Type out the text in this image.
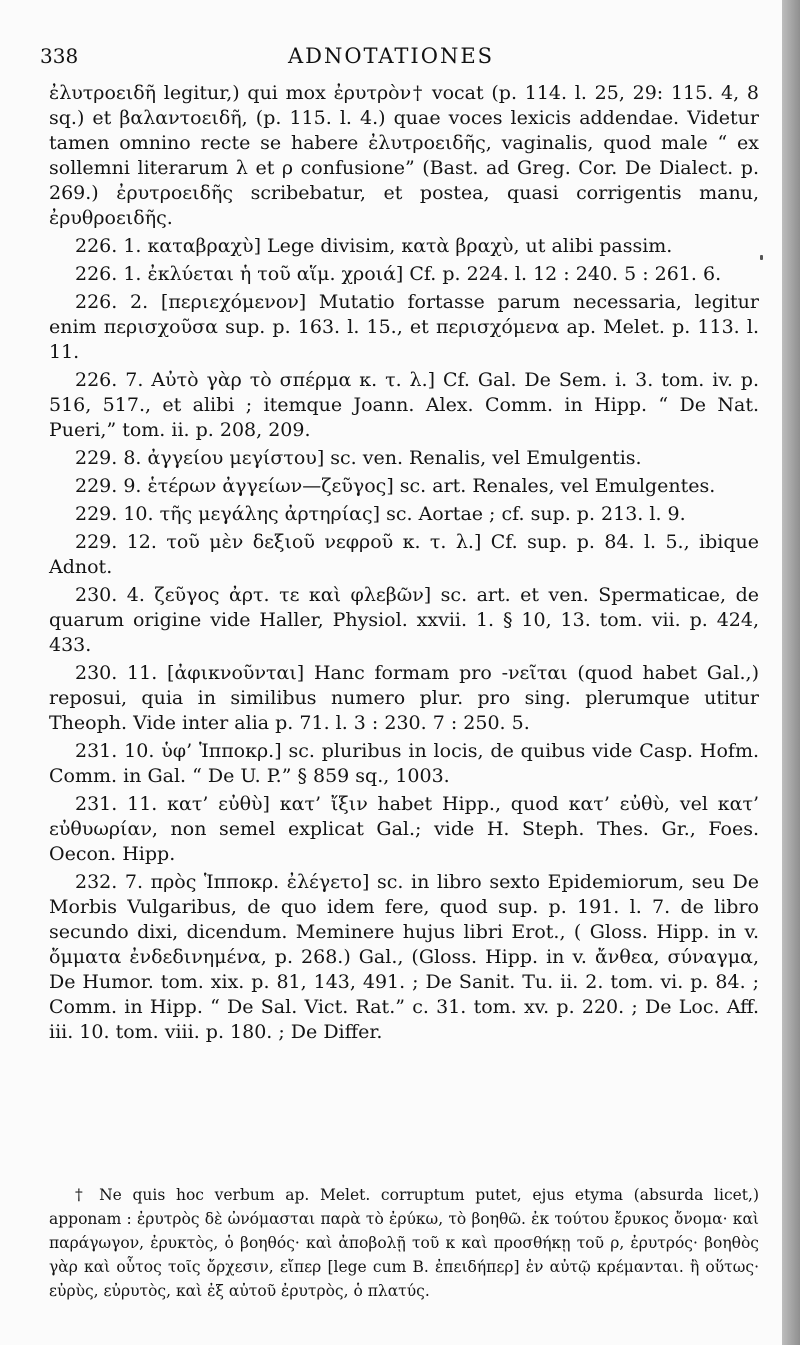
338	ADNOTATIONES

ἐλυτροειδῆ legitur,) qui mox ἐρυτρὸν† vocat (p. 114. l. 25, 29: 115. 4, 8 sq.) et βαλαντοειδῆ, (p. 115. l. 4.) quae voces lexicis addendae. Videtur tamen omnino recte se habere ἐλυτροειδῆς, vaginalis, quod male “ ex sollemni literarum λ et ρ confusione” (Bast. ad Greg. Cor. De Dialect. p. 269.) ἐρυτροειδῆς scribebatur, et postea, quasi corrigentis manu, ἐρυθροειδῆς.

226. 1. καταβραχὺ] Lege divisim, κατὰ βραχὺ, ut alibi passim.

226. 1. ἐκλύεται ἡ τοῦ αἵμ. χροιά] Cf. p. 224. l. 12 : 240. 5 : 261. 6.

226. 2. [περιεχόμενον] Mutatio fortasse parum necessaria, legitur enim περισχοῦσα sup. p. 163. l. 15., et περισχόμενα ap. Melet. p. 113. l. 11.

226. 7. Αὐτὸ γὰρ τὸ σπέρμα κ. τ. λ.] Cf. Gal. De Sem. i. 3. tom. iv. p. 516, 517., et alibi ; itemque Joann. Alex. Comm. in Hipp. “ De Nat. Pueri,” tom. ii. p. 208, 209.

229. 8. ἀγγείου μεγίστου] sc. ven. Renalis, vel Emulgentis.

229. 9. ἑτέρων ἀγγείων—ζεῦγος] sc. art. Renales, vel Emulgentes.

229. 10. τῆς μεγάλης ἀρτηρίας] sc. Aortae ; cf. sup. p. 213. l. 9.

229. 12. τοῦ μὲν δεξιοῦ νεφροῦ κ. τ. λ.] Cf. sup. p. 84. l. 5., ibique Adnot.

230. 4. ζεῦγος ἀρτ. τε καὶ φλεβῶν] sc. art. et ven. Spermaticae, de quarum origine vide Haller, Physiol. xxvii. 1. § 10, 13. tom. vii. p. 424, 433.

230. 11. [ἀφικνοῦνται] Hanc formam pro -νεῖται (quod habet Gal.,) reposui, quia in similibus numero plur. pro sing. plerumque utitur Theoph. Vide inter alia p. 71. l. 3 : 230. 7 : 250. 5.

231. 10. ὑφ’ Ἱπποκρ.] sc. pluribus in locis, de quibus vide Casp. Hofm. Comm. in Gal. “ De U. P.” § 859 sq., 1003.

231. 11. κατ’ εὐθὺ] κατ’ ἴξιν habet Hipp., quod κατ’ εὐθὺ, vel κατ’ εὐθυωρίαν, non semel explicat Gal.; vide H. Steph. Thes. Gr., Foes. Oecon. Hipp.

232. 7. πρὸς Ἱπποκρ. ἐλέγετο] sc. in libro sexto Epidemiorum, seu De Morbis Vulgaribus, de quo idem fere, quod sup. p. 191. l. 7. de libro secundo dixi, dicendum. Meminere hujus libri Erot., ( Gloss. Hipp. in v. ὄμματα ἐνδεδινημένα, p. 268.) Gal., (Gloss. Hipp. in v. ἄνθεα, σύναγμα, De Humor. tom. xix. p. 81, 143, 491. ; De Sanit. Tu. ii. 2. tom. vi. p. 84. ; Comm. in Hipp. “ De Sal. Vict. Rat.” c. 31. tom. xv. p. 220. ; De Loc. Aff. iii. 10. tom. viii. p. 180. ; De Differ.

† Ne quis hoc verbum ap. Melet. corruptum putet, ejus etyma (absurda licet,) apponam : ἐρυτρὸς δὲ ὠνόμασται παρὰ τὸ ἐρύκω, τὸ βοηθῶ. ἐκ τούτου ἔρυκος ὄνομα· καὶ παράγωγον, ἐρυκτὸς, ὁ βοηθός· καὶ ἀποβολῇ τοῦ κ καὶ προσθήκῃ τοῦ ρ, ἐρυτρός· βοηθὸς γὰρ καὶ οὗτος τοῖς ὄρχεσιν, εἴπερ [lege cum B. ἐπειδήπερ] ἐν αὐτῷ κρέμανται. ἢ οὕτως· εὐρὺς, εὐρυτὸς, καὶ ἐξ αὐτοῦ ἐρυτρὸς, ὁ πλατύς.
